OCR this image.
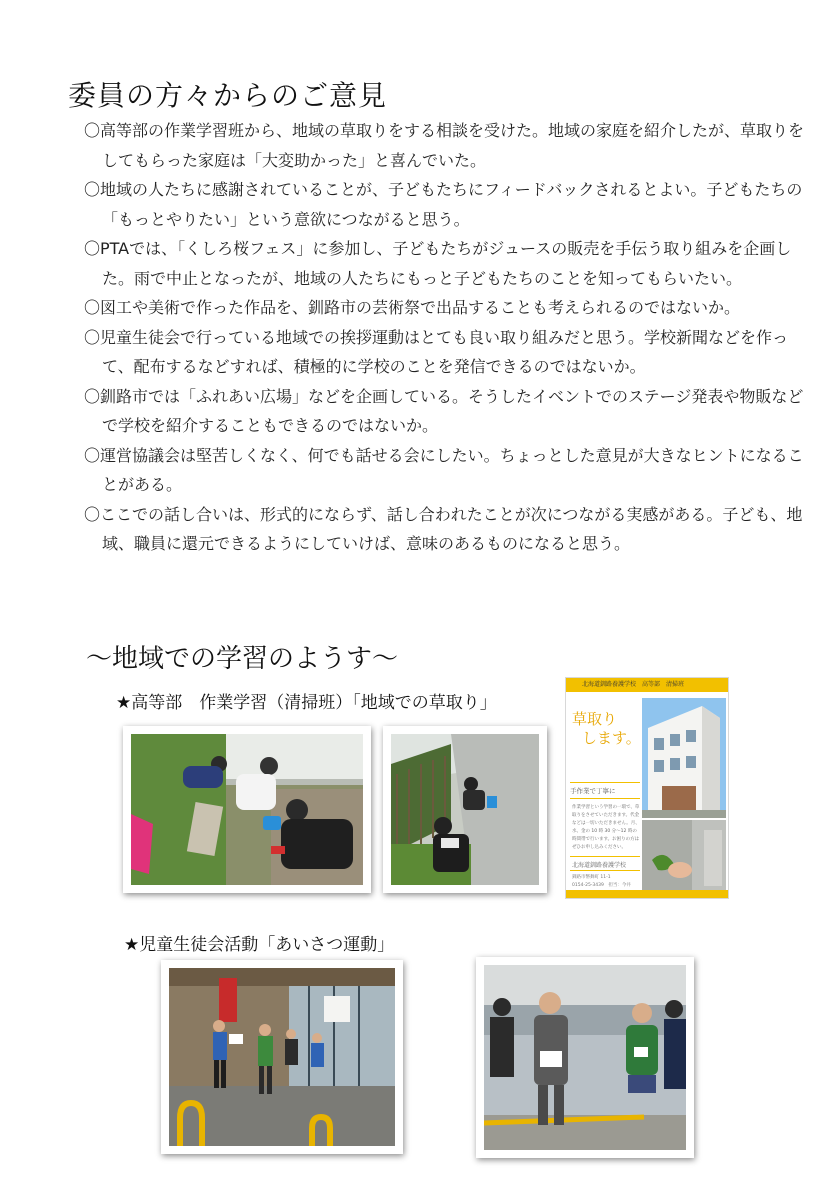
委員の方々からのご意見
〇高等部の作業学習班から、地域の草取りをする相談を受けた。地域の家庭を紹介したが、草取りをしてもらった家庭は「大変助かった」と喜んでいた。
〇地域の人たちに感謝されていることが、子どもたちにフィードバックされるとよい。子どもたちの「もっとやりたい」という意欲につながると思う。
〇PTAでは、「くしろ桜フェス」に参加し、子どもたちがジュースの販売を手伝う取り組みを企画した。雨で中止となったが、地域の人たちにもっと子どもたちのことを知ってもらいたい。
〇図工や美術で作った作品を、釧路市の芸術祭で出品することも考えられるのではないか。
〇児童生徒会で行っている地域での挨拶運動はとても良い取り組みだと思う。学校新聞などを作って、配布するなどすれば、積極的に学校のことを発信できるのではないか。
〇釧路市では「ふれあい広場」などを企画している。そうしたイベントでのステージ発表や物販などで学校を紹介することもできるのではないか。
〇運営協議会は堅苦しくなく、何でも話せる会にしたい。ちょっとした意見が大きなヒントになることがある。
〇ここでの話し合いは、形式的にならず、話し合われたことが次につながる実感がある。子ども、地域、職員に還元できるようにしていけば、意味のあるものになると思う。
～地域での学習のようす～
★高等部　作業学習（清掃班）「地域での草取り」
北海道釧路養護学校　高等部　清掃班
草取り
します。
手作業で丁寧に
作業学習という学習の一環で、草取りをさせていただきます。代金などは一切いただきません。月、水、金の 10 時 30 分～12 時の時間帯で行います。お困りの方はぜひお申し込みください。
北海道釧路養護学校
釧路市幣舞町 11-1
0154-25-3439　担当：今井
★児童生徒会活動「あいさつ運動」
